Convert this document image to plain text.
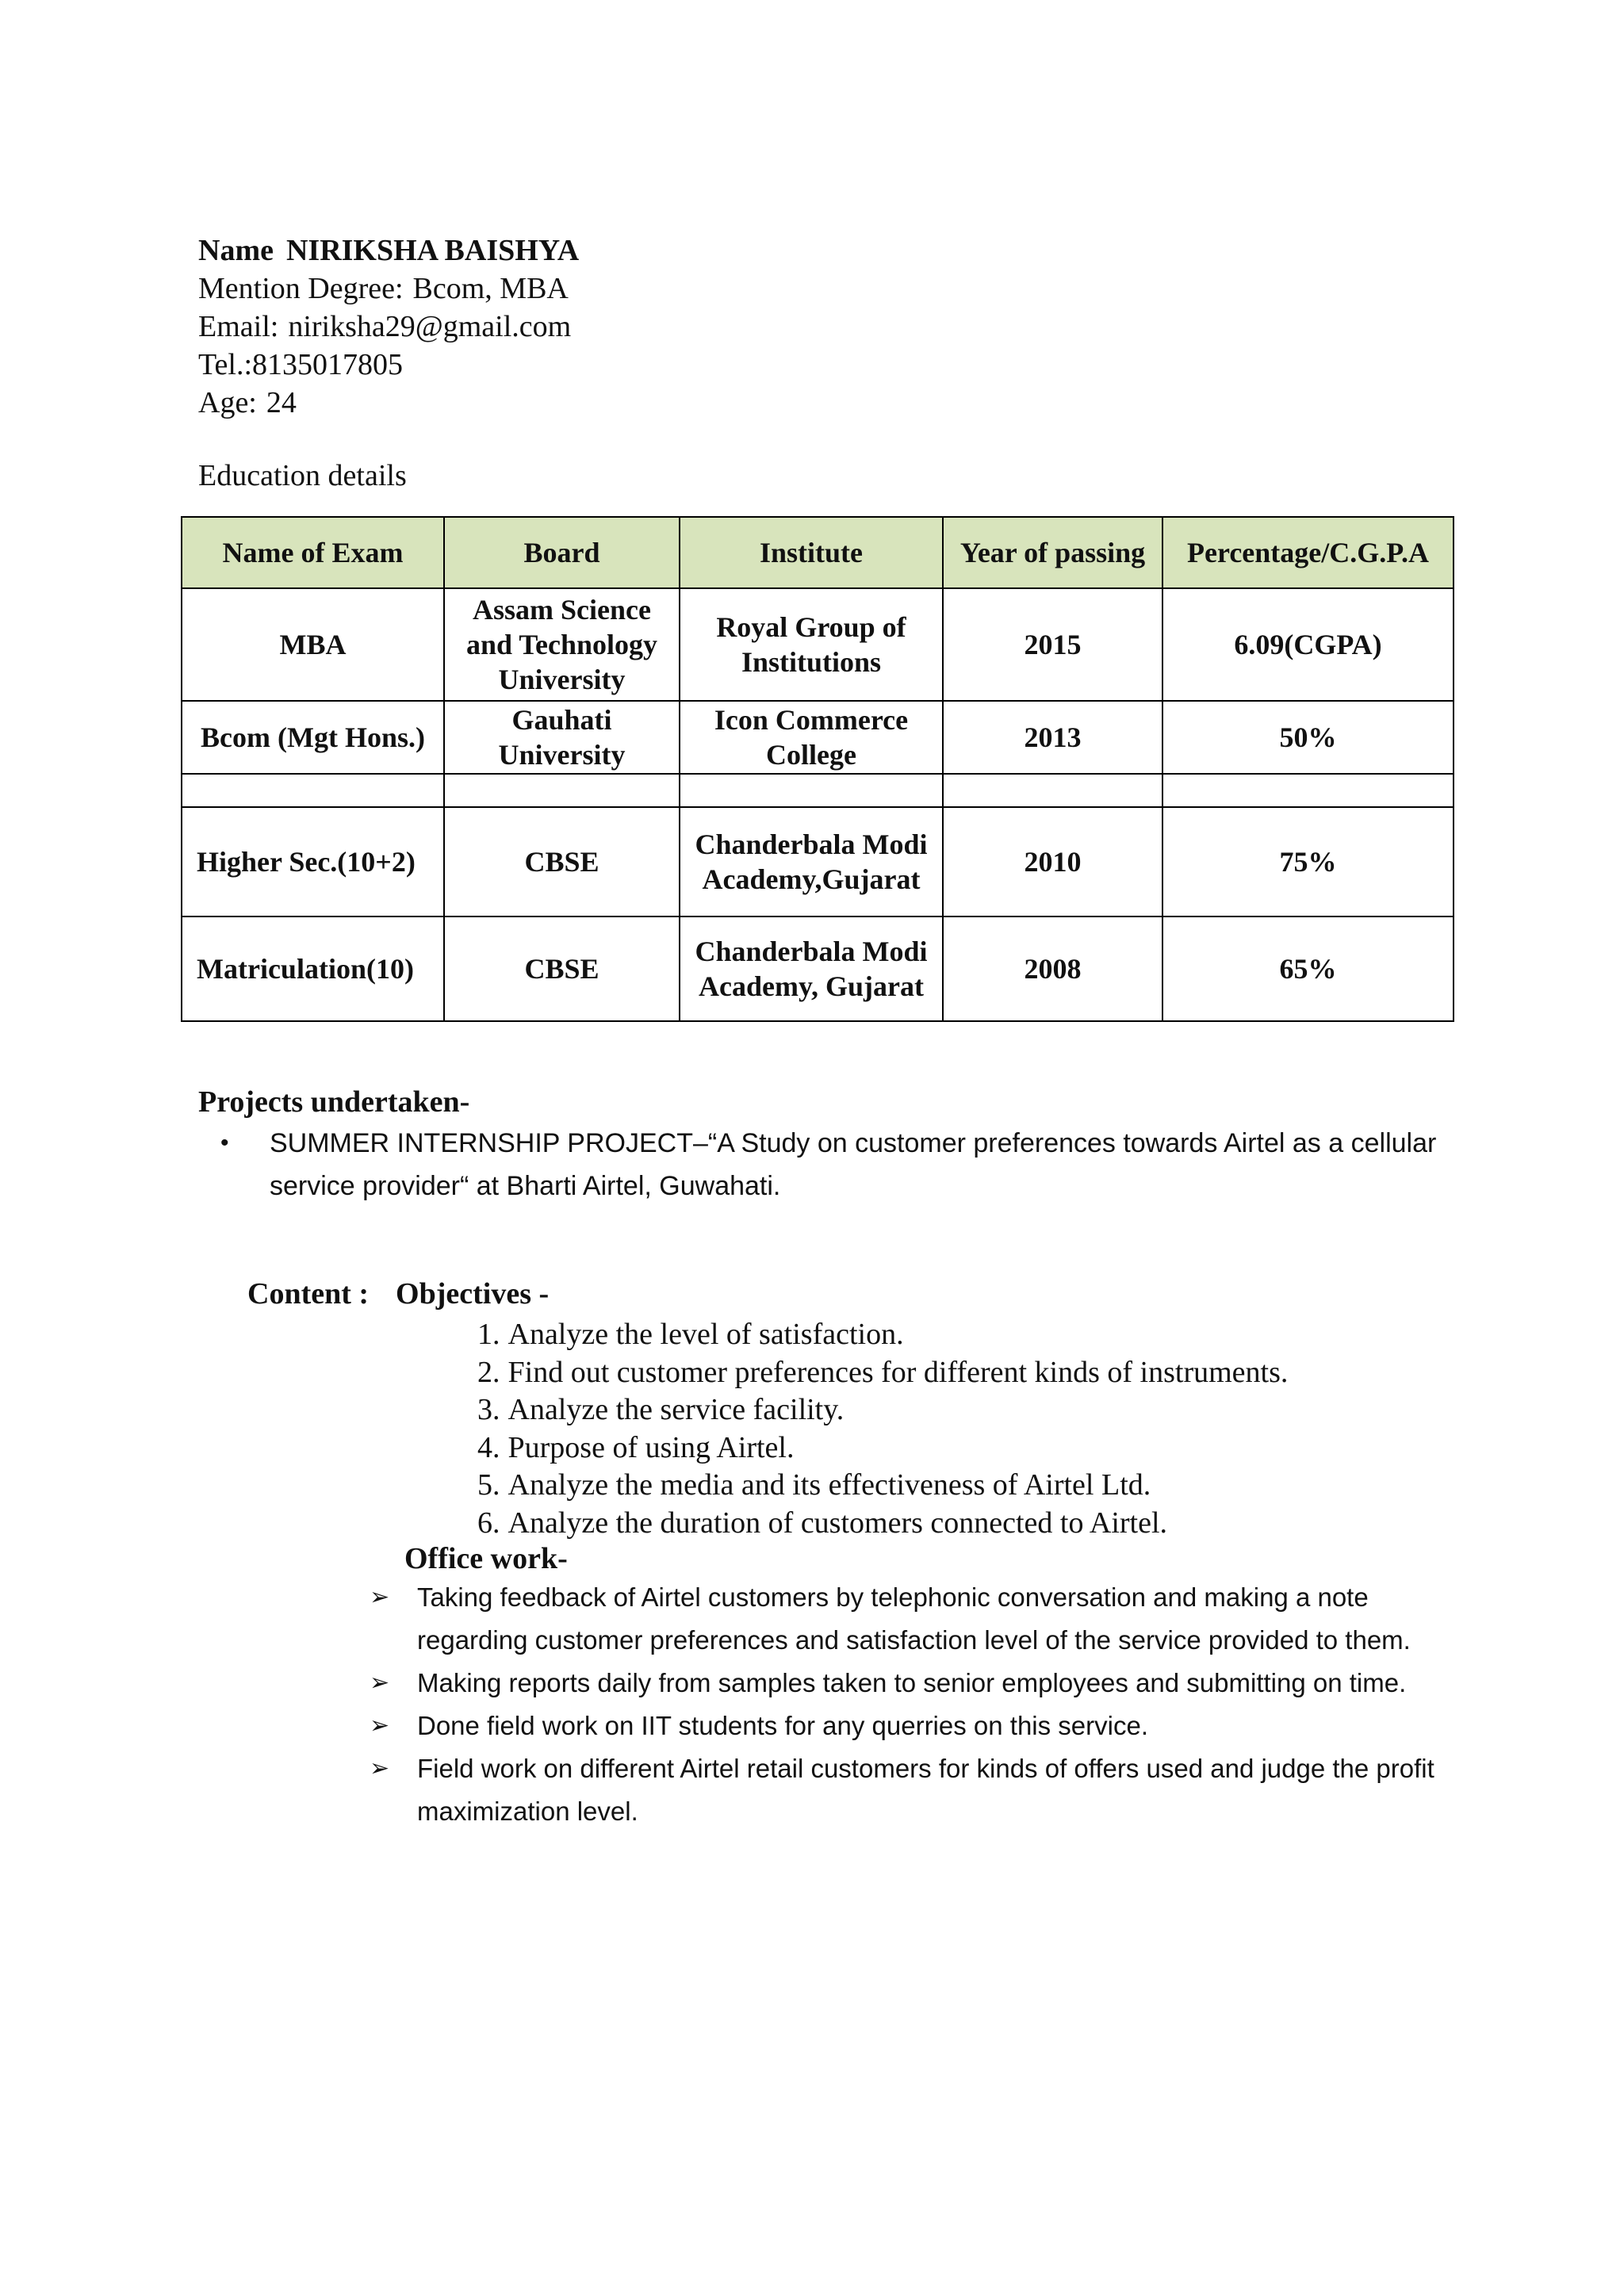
Name NIRIKSHA BAISHYA
Mention Degree: Bcom, MBA
Email: niriksha29@gmail.com
Tel.:8135017805
Age: 24
Education details
Name of Exam	Board	Institute	Year of passing	Percentage/C.G.P.A
MBA	Assam Science and Technology University	Royal Group of Institutions	2015	6.09(CGPA)
Bcom (Mgt Hons.)	Gauhati University	Icon Commerce College	2013	50%

Higher Sec.(10+2)	CBSE	Chanderbala Modi Academy,Gujarat	2010	75%
Matriculation(10)	CBSE	Chanderbala Modi Academy, Gujarat	2008	65%
Projects undertaken-
• SUMMER INTERNSHIP PROJECT–“A Study on customer preferences towards Airtel as a cellular service provider“ at Bharti Airtel, Guwahati.
Content : Objectives -
1. Analyze the level of satisfaction.
2. Find out customer preferences for different kinds of instruments.
3. Analyze the service facility.
4. Purpose of using Airtel.
5. Analyze the media and its effectiveness of Airtel Ltd.
6. Analyze the duration of customers connected to Airtel.
Office work-
➢ Taking feedback of Airtel customers by telephonic conversation and making a note regarding customer preferences and satisfaction level of the service provided to them.
➢ Making reports daily from samples taken to senior employees and submitting on time.
➢ Done field work on IIT students for any querries on this service.
➢ Field work on different Airtel retail customers for kinds of offers used and judge the profit maximization level.
